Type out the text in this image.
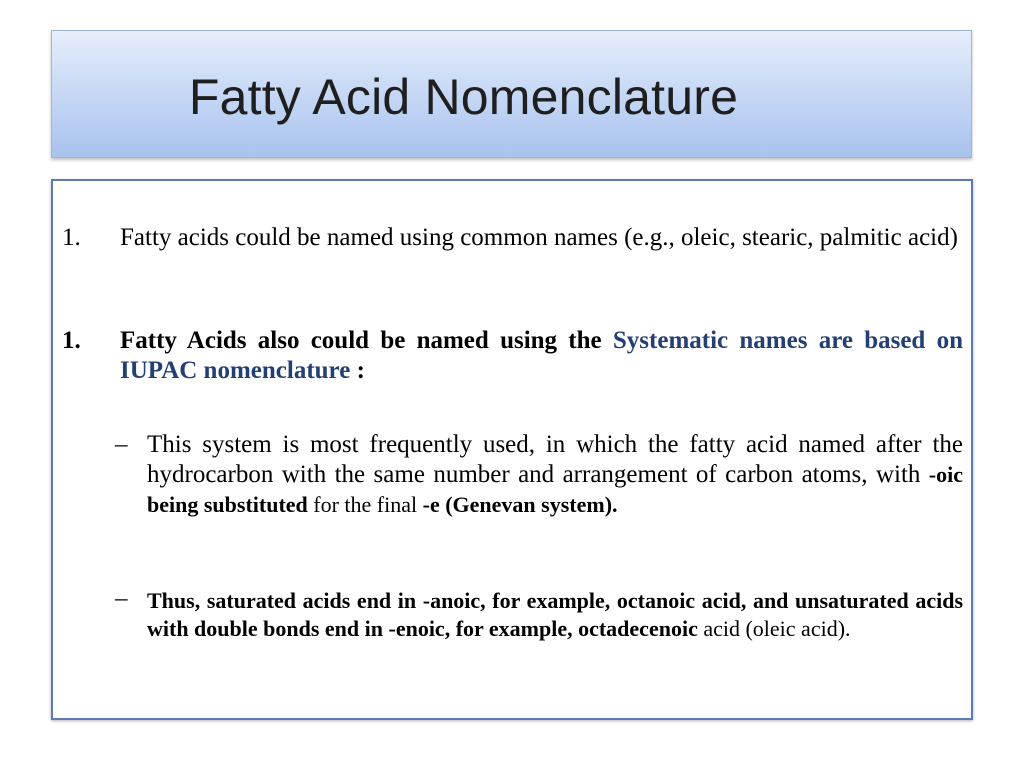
Fatty Acid Nomenclature
1. Fatty acids could be named using common names (e.g., oleic, stearic, palmitic acid)
1. Fatty Acids also could be named using the Systematic names are based on IUPAC nomenclature :
– This system is most frequently used, in which the fatty acid named after the hydrocarbon with the same number and arrangement of carbon atoms, with -oic being substituted for the final -e (Genevan system).
– Thus, saturated acids end in -anoic, for example, octanoic acid, and unsaturated acids with double bonds end in -enoic, for example, octadecenoic acid (oleic acid).
